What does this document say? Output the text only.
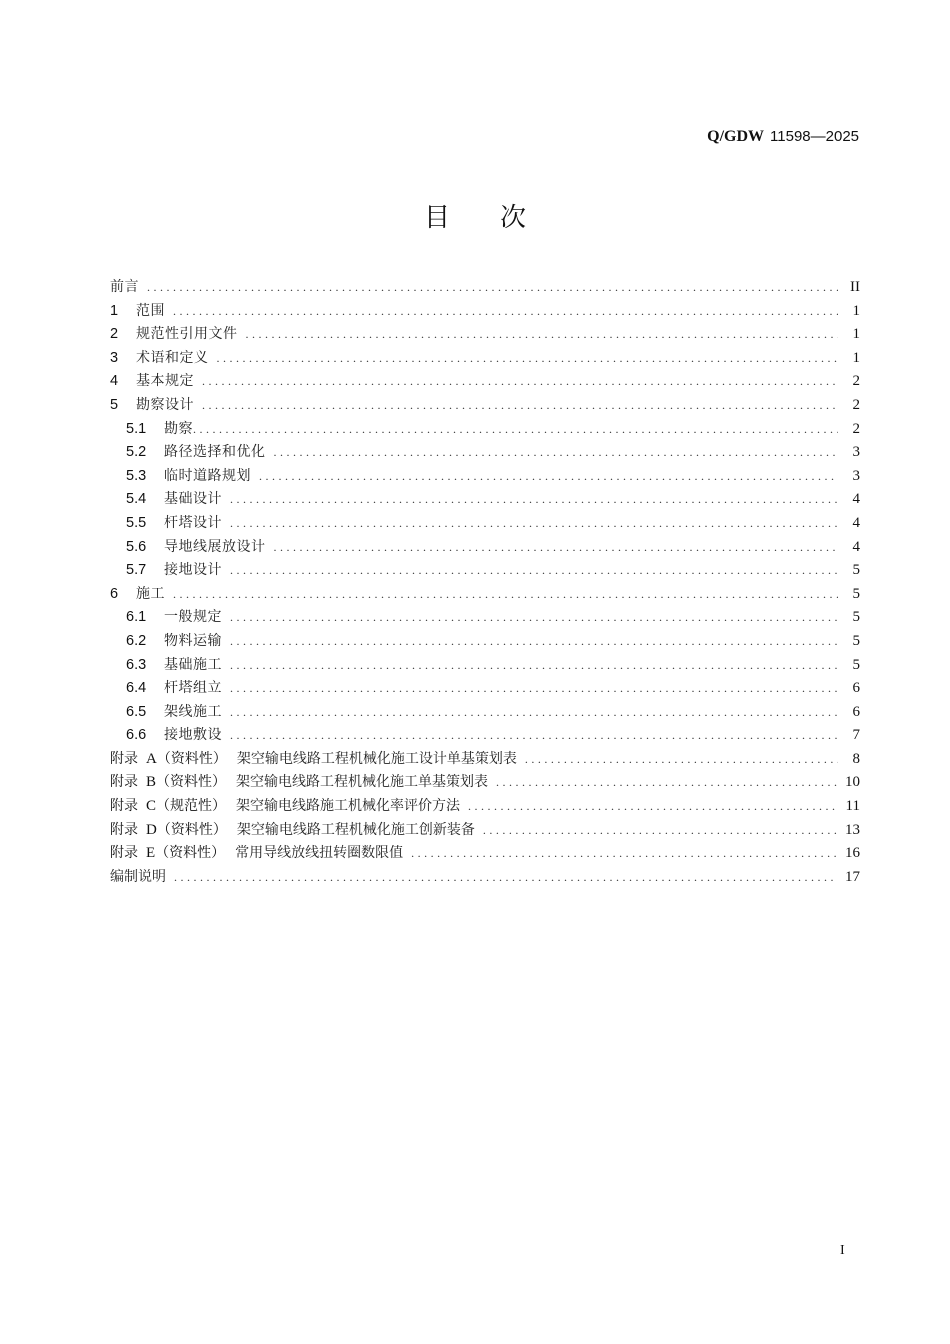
Q/GDW 11598—2025
目 次
前言 . . .	II
1	范围 . . .	1
2	规范性引用文件 . . .	1
3	术语和定义 . . .	1
4	基本规定 . . .	2
5	勘察设计 . . .	2
5.1	勘察 . . .	2
5.2	路径选择和优化 . . .	3
5.3	临时道路规划 . . .	3
5.4	基础设计 . . .	4
5.5	杆塔设计 . . .	4
5.6	导地线展放设计 . . .	4
5.7	接地设计 . . .	5
6	施工 . . .	5
6.1	一般规定 . . .	5
6.2	物料运输 . . .	5
6.3	基础施工 . . .	5
6.4	杆塔组立 . . .	6
6.5	架线施工 . . .	6
6.6	接地敷设 . . .	7
附录 A （资料性） 架空输电线路工程机械化施工设计单基策划表 . . .	8
附录 B （资料性） 架空输电线路工程机械化施工单基策划表 . . .	10
附录 C （规范性） 架空输电线路施工机械化率评价方法 . . .	11
附录 D （资料性） 架空输电线路工程机械化施工创新装备 . . .	13
附录 E （资料性） 常用导线放线扭转圈数限值 . . .	16
编制说明 . . .	17
I
